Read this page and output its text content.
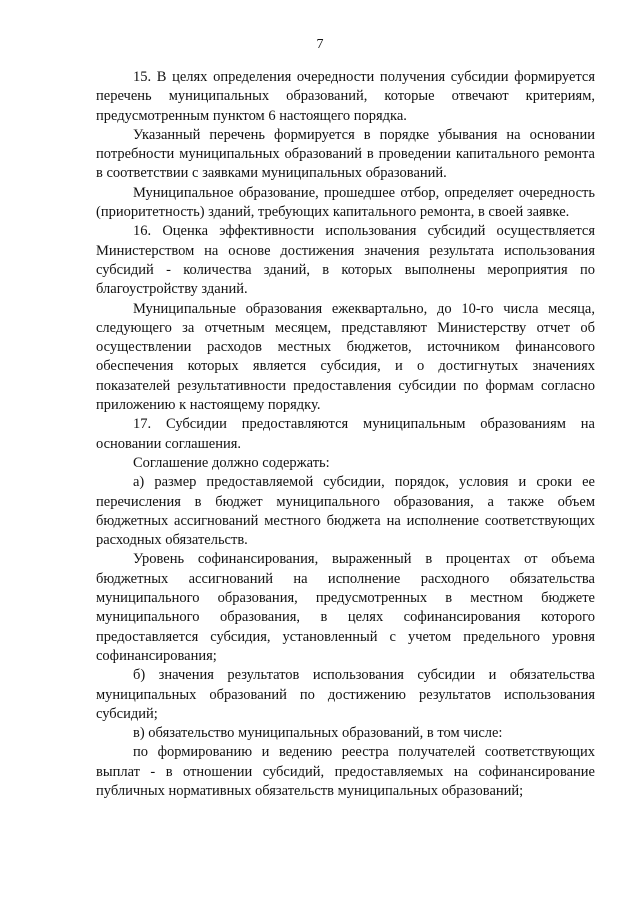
7

15. В целях определения очередности получения субсидии формируется перечень муниципальных образований, которые отвечают критериям, предусмотренным пунктом 6 настоящего порядка.

Указанный перечень формируется в порядке убывания на основании потребности муниципальных образований в проведении капитального ремонта в соответствии с заявками муниципальных образований.

Муниципальное образование, прошедшее отбор, определяет очередность (приоритетность) зданий, требующих капитального ремонта, в своей заявке.

16. Оценка эффективности использования субсидий осуществляется Министерством на основе достижения значения результата использования субсидий - количества зданий, в которых выполнены мероприятия по благоустройству зданий.

Муниципальные образования ежеквартально, до 10-го числа месяца, следующего за отчетным месяцем, представляют Министерству отчет об осуществлении расходов местных бюджетов, источником финансового обеспечения которых является субсидия, и о достигнутых значениях показателей результативности предоставления субсидии по формам согласно приложению к настоящему порядку.

17. Субсидии предоставляются муниципальным образованиям на основании соглашения.

Соглашение должно содержать:

а) размер предоставляемой субсидии, порядок, условия и сроки ее перечисления в бюджет муниципального образования, а также объем бюджетных ассигнований местного бюджета на исполнение соответствующих расходных обязательств.

Уровень софинансирования, выраженный в процентах от объема бюджетных ассигнований на исполнение расходного обязательства муниципального образования, предусмотренных в местном бюджете муниципального образования, в целях софинансирования которого предоставляется субсидия, установленный с учетом предельного уровня софинансирования;

б) значения результатов использования субсидии и обязательства муниципальных образований по достижению результатов использования субсидий;

в) обязательство муниципальных образований, в том числе:

по формированию и ведению реестра получателей соответствующих выплат - в отношении субсидий, предоставляемых на софинансирование публичных нормативных обязательств муниципальных образований;
